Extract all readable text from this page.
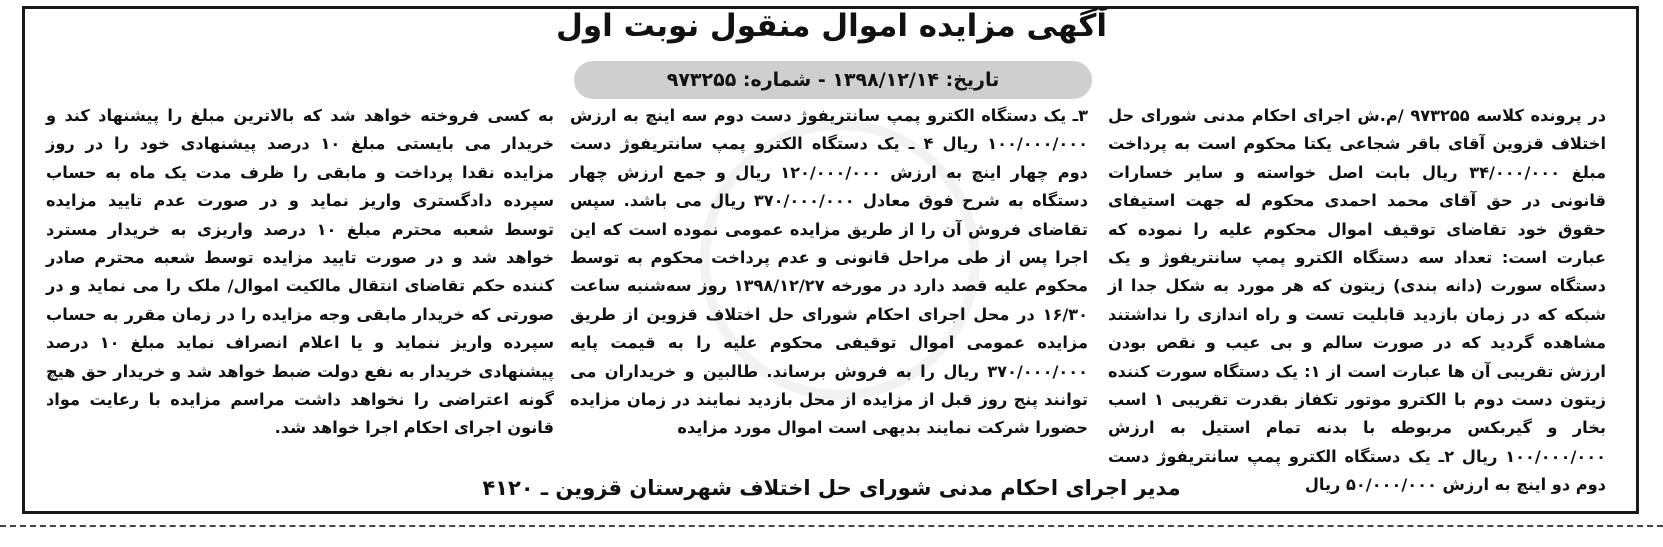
آگهی مزایده اموال منقول نوبت اول
تاریخ: ۱۳۹۸/۱۲/۱۴ - شماره: ۹۷۳۲۵۵
در پرونده کلاسه ۹۷۳۲۵۵ /م.ش اجرای احکام مدنی شورای حل اختلاف قزوین آقای باقر شجاعی یکتا محکوم است به پرداخت مبلغ ۳۴/۰۰۰/۰۰۰ ریال بابت اصل خواسته و سایر خسارات قانونی در حق آقای محمد احمدی محکوم له جهت استیفای حقوق خود تقاضای توقیف اموال محکوم علیه را نموده که عبارت است: تعداد سه دستگاه الکترو پمپ سانتریفوژ و یک دستگاه سورت (دانه بندی) زیتون که هر مورد به شکل جدا از شبکه که در زمان بازدید قابلیت تست و راه اندازی را نداشتند مشاهده گردید که در صورت سالم و بی عیب و نقص بودن ارزش تقریبی آن ها عبارت است از ۱: یک دستگاه سورت کننده زیتون دست دوم با الکترو موتور تکفاز بقدرت تقریبی ۱ اسب بخار و گیربکس مربوطه با بدنه تمام استیل به ارزش ۱۰۰/۰۰۰/۰۰۰ ریال ۲ـ یک دستگاه الکترو پمپ سانتریفوژ دست دوم دو اینچ به ارزش ۵۰/۰۰۰/۰۰۰ ریال
۳ـ یک دستگاه الکترو پمپ سانتریفوژ دست دوم سه اینچ به ارزش ۱۰۰/۰۰۰/۰۰۰ ریال ۴ ـ یک دستگاه الکترو پمپ سانتریفوژ دست دوم چهار اینچ به ارزش ۱۲۰/۰۰۰/۰۰۰ ریال و جمع ارزش چهار دستگاه به شرح فوق معادل ۳۷۰/۰۰۰/۰۰۰ ریال می باشد. سپس تقاضای فروش آن را از طریق مزایده عمومی نموده است که این اجرا پس از طی مراحل قانونی و عدم پرداخت محکوم به توسط محکوم علیه قصد دارد در مورخه ۱۳۹۸/۱۲/۲۷ روز سه‌شنبه ساعت ۱۶/۳۰ در محل اجرای احکام شورای حل اختلاف قزوین از طریق مزایده عمومی اموال توقیفی محکوم علیه را به قیمت پایه ۳۷۰/۰۰۰/۰۰۰ ریال را به فروش برساند. طالبین و خریداران می توانند پنج روز قبل از مزایده از محل بازدید نمایند در زمان مزایده حضورا شرکت نمایند بدیهی است اموال مورد مزایده
به کسی فروخته خواهد شد که بالاترین مبلغ را پیشنهاد کند و خریدار می بایستی مبلغ ۱۰ درصد پیشنهادی خود را در روز مزایده نقدا پرداخت و مابقی را ظرف مدت یک ماه به حساب سپرده دادگستری واریز نماید و در صورت عدم تایید مزایده توسط شعبه محترم مبلغ ۱۰ درصد واریزی به خریدار مسترد خواهد شد و در صورت تایید مزایده توسط شعبه محترم صادر کننده حکم تقاضای انتقال مالکیت اموال/ ملک را می نماید و در صورتی که خریدار مابقی وجه مزایده را در زمان مقرر به حساب سپرده واریز ننماید و یا اعلام انصراف نماید مبلغ ۱۰ درصد پیشنهادی خریدار به نفع دولت ضبط خواهد شد و خریدار حق هیچ گونه اعتراضی را نخواهد داشت مراسم مزایده با رعایت مواد قانون اجرای احکام اجرا خواهد شد.
مدیر اجرای احکام مدنی شورای حل اختلاف شهرستان قزوین ـ ۴۱۲۰
